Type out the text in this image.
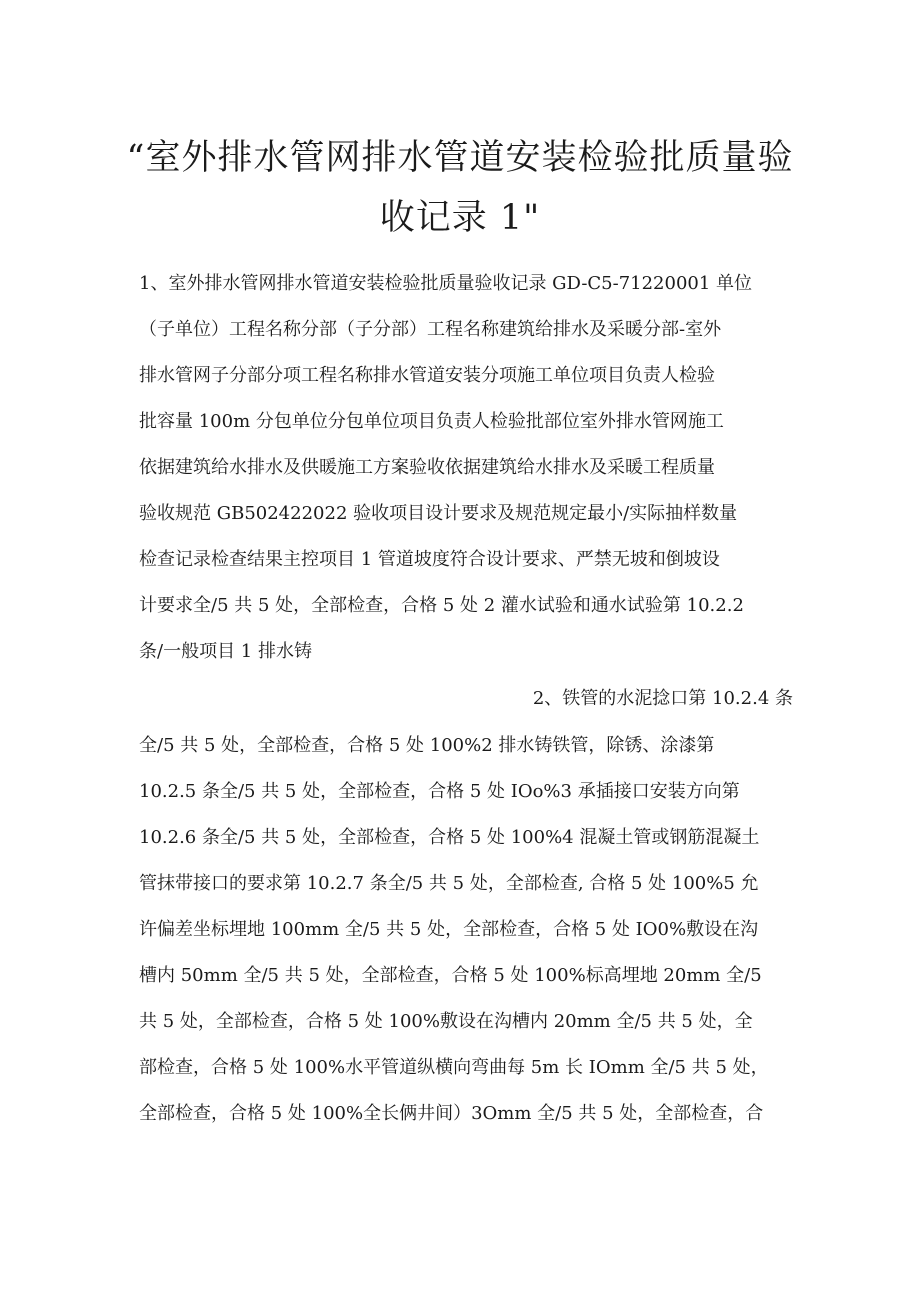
“室外排水管网排水管道安装检验批质量验
收记录 1"

1、室外排水管网排水管道安装检验批质量验收记录 GD-C5-71220001 单位

（子单位）工程名称分部（子分部）工程名称建筑给排水及采暖分部-室外

排水管网子分部分项工程名称排水管道安装分项施工单位项目负责人检验

批容量 100m 分包单位分包单位项目负责人检验批部位室外排水管网施工

依据建筑给水排水及供暖施工方案验收依据建筑给水排水及采暖工程质量

验收规范 GB502422022 验收项目设计要求及规范规定最小/实际抽样数量

检查记录检查结果主控项目 1 管道坡度符合设计要求、严禁无坡和倒坡设

计要求全/5 共 5 处，全部检查，合格 5 处 2 灌水试验和通水试验第 10.2.2

条/一般项目 1 排水铸

2、铁管的水泥捻口第 10.2.4 条

全/5 共 5 处，全部检查，合格 5 处 100%2 排水铸铁管，除锈、涂漆第

10.2.5 条全/5 共 5 处，全部检查，合格 5 处 IOo%3 承插接口安装方向第

10.2.6 条全/5 共 5 处，全部检查，合格 5 处 100%4 混凝土管或钢筋混凝土

管抹带接口的要求第 10.2.7 条全/5 共 5 处，全部检查, 合格 5 处 100%5 允

许偏差坐标埋地 100mm 全/5 共 5 处，全部检查，合格 5 处 IO0%敷设在沟

槽内 50mm 全/5 共 5 处，全部检查，合格 5 处 100%标高埋地 20mm 全/5

共 5 处，全部检查，合格 5 处 100%敷设在沟槽内 20mm 全/5 共 5 处，全

部检查，合格 5 处 100%水平管道纵横向弯曲每 5m 长 IOmm 全/5 共 5 处，

全部检查，合格 5 处 100%全长俩井间）3Omm 全/5 共 5 处，全部检查，合
